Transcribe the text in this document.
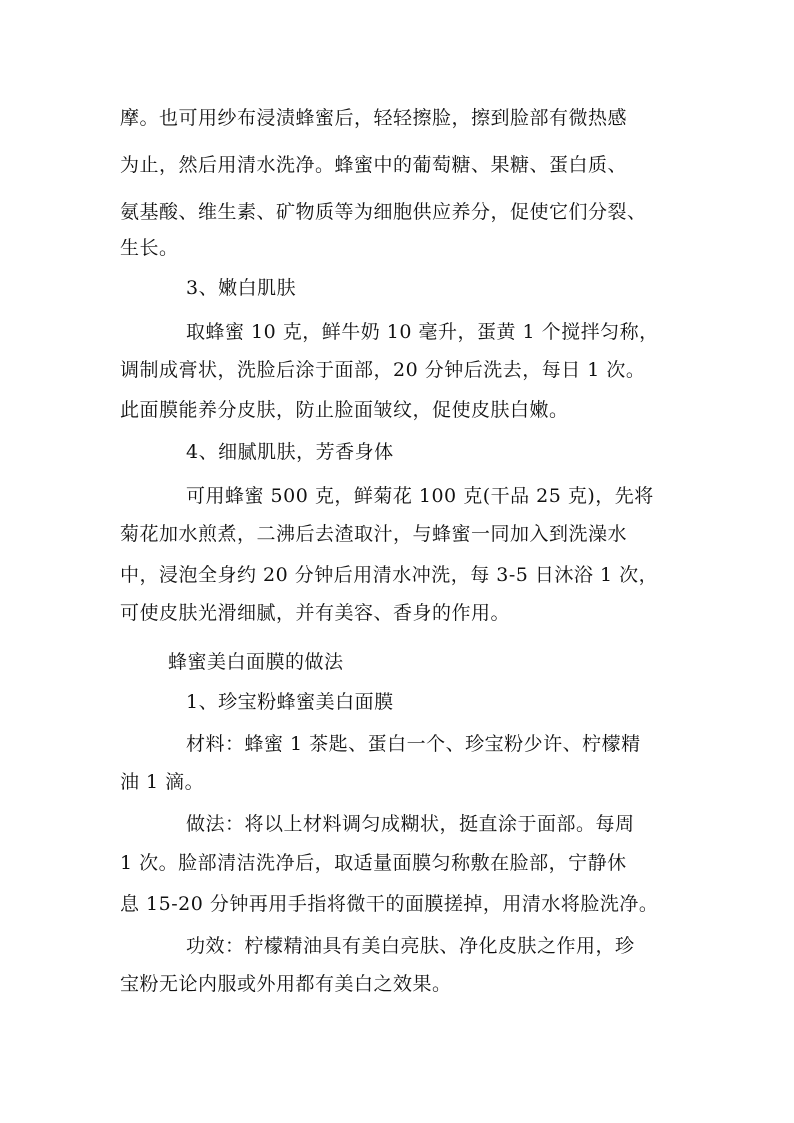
摩。也可用纱布浸渍蜂蜜后，轻轻擦脸，擦到脸部有微热感
为止，然后用清水洗净。蜂蜜中的葡萄糖、果糖、蛋白质、
氨基酸、维生素、矿物质等为细胞供应养分，促使它们分裂、
生长。
3、嫩白肌肤
取蜂蜜 10 克，鲜牛奶 10 毫升，蛋黄 1 个搅拌匀称，
调制成膏状，洗脸后涂于面部，20 分钟后洗去，每日 1 次。
此面膜能养分皮肤，防止脸面皱纹，促使皮肤白嫩。
4、细腻肌肤，芳香身体
可用蜂蜜 500 克，鲜菊花 100 克(干品 25 克)，先将
菊花加水煎煮，二沸后去渣取汁，与蜂蜜一同加入到洗澡水
中，浸泡全身约 20 分钟后用清水冲洗，每 3-5 日沐浴 1 次，
可使皮肤光滑细腻，并有美容、香身的作用。
蜂蜜美白面膜的做法
1、珍宝粉蜂蜜美白面膜
材料：蜂蜜 1 茶匙、蛋白一个、珍宝粉少许、柠檬精
油 1 滴。
做法：将以上材料调匀成糊状，挺直涂于面部。每周
1 次。脸部清洁洗净后，取适量面膜匀称敷在脸部，宁静休
息 15-20 分钟再用手指将微干的面膜搓掉，用清水将脸洗净。
功效：柠檬精油具有美白亮肤、净化皮肤之作用，珍
宝粉无论内服或外用都有美白之效果。
